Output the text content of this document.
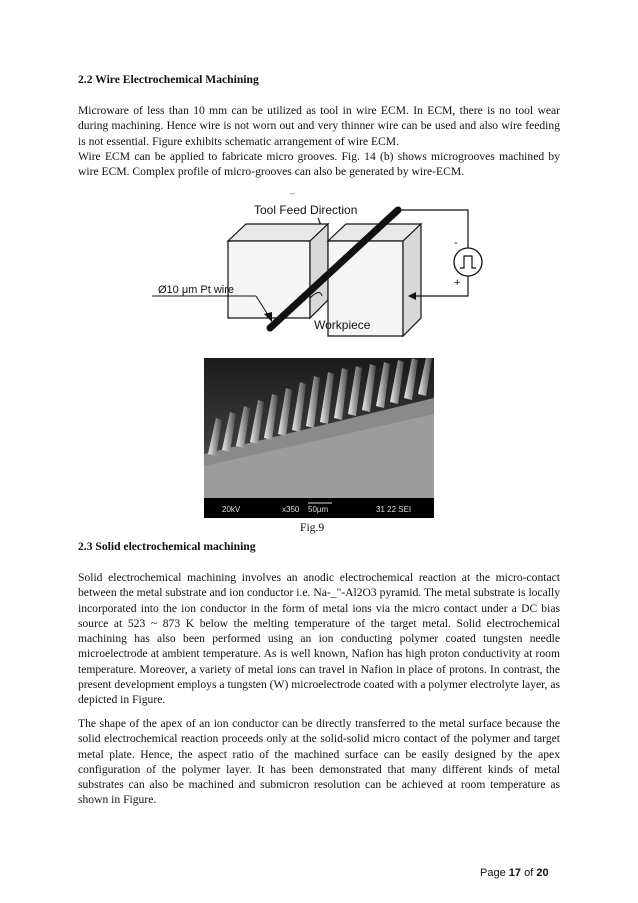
2.2 Wire Electrochemical Machining
Microware of less than 10 mm can be utilized as tool in wire ECM. In ECM, there is no tool wear during machining. Hence wire is not worn out and very thinner wire can be used and also wire feeding is not essential. Figure exhibits schematic arrangement of wire ECM.
Wire ECM can be applied to fabricate micro grooves. Fig. 14 (b) shows microgrooves machined by wire ECM. Complex profile of micro-grooves can also be generated by wire-ECM.
--
Tool Feed Direction
Ø10 μm Pt wire
Workpiece
-
+
20kV	x350 50μm	31 22 SEI
Fig.9
2.3 Solid electrochemical machining
Solid electrochemical machining involves an anodic electrochemical reaction at the micro-contact between the metal substrate and ion conductor i.e. Na-_"-Al2O3 pyramid. The metal substrate is locally incorporated into the ion conductor in the form of metal ions via the micro contact under a DC bias source at 523 ~ 873 K below the melting temperature of the target metal. Solid electrochemical machining has also been performed using an ion conducting polymer coated tungsten needle microelectrode at ambient temperature. As is well known, Nafion has high proton conductivity at room temperature. Moreover, a variety of metal ions can travel in Nafion in place of protons. In contrast, the present development employs a tungsten (W) microelectrode coated with a polymer electrolyte layer, as depicted in Figure.
The shape of the apex of an ion conductor can be directly transferred to the metal surface because the solid electrochemical reaction proceeds only at the solid-solid micro contact of the polymer and target metal plate. Hence, the aspect ratio of the machined surface can be easily designed by the apex configuration of the polymer layer. It has been demonstrated that many different kinds of metal substrates can also be machined and submicron resolution can be achieved at room temperature as shown in Figure.
Page 17 of 20
